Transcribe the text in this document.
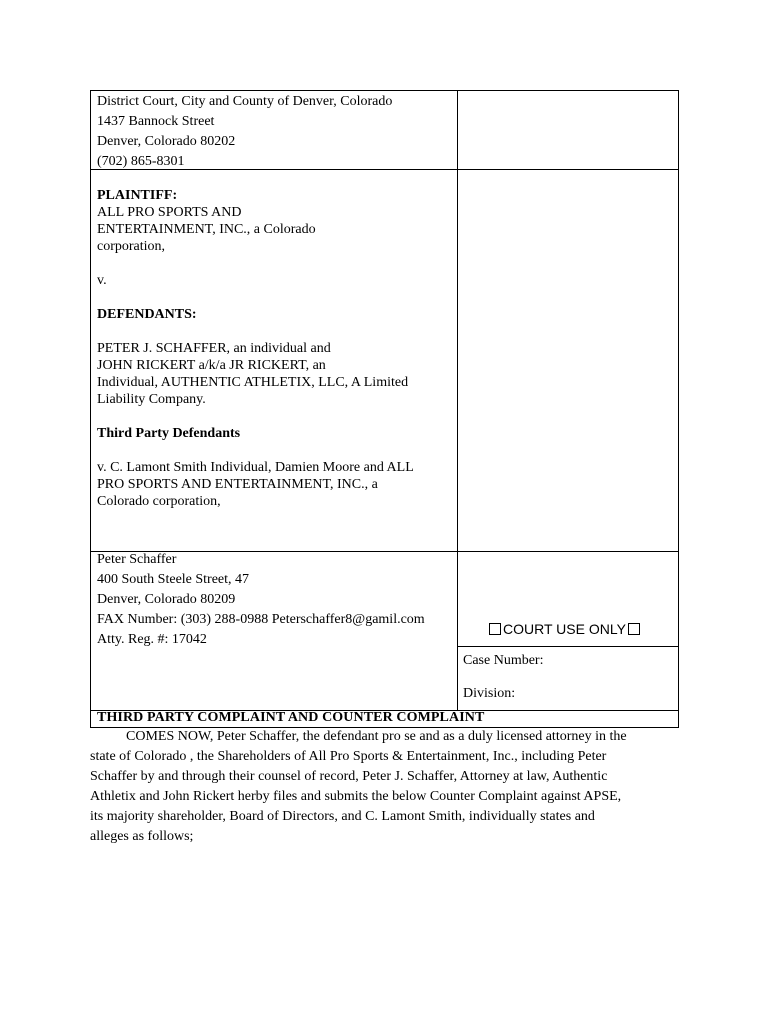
District Court, City and County of Denver, Colorado
1437 Bannock Street
Denver, Colorado 80202
(702) 865-8301
PLAINTIFF:
ALL PRO SPORTS AND
ENTERTAINMENT, INC., a Colorado
corporation,
v.
DEFENDANTS:
PETER J. SCHAFFER, an individual and
JOHN RICKERT a/k/a JR RICKERT, an
Individual, AUTHENTIC ATHLETIX, LLC, A Limited
Liability Company.
Third Party Defendants
v. C. Lamont Smith Individual, Damien Moore and ALL
PRO SPORTS AND ENTERTAINMENT, INC., a
Colorado corporation,
Peter Schaffer
400 South Steele Street, 47
Denver, Colorado 80209
FAX Number: (303) 288-0988 Peterschaffer8@gamil.com
Atty. Reg. #: 17042
COURT USE ONLY
Case Number:
Division:
THIRD PARTY COMPLAINT AND COUNTER COMPLAINT
COMES NOW, Peter Schaffer, the defendant pro se and as a duly licensed attorney in the
state of Colorado , the Shareholders of All Pro Sports & Entertainment, Inc., including Peter
Schaffer by and through their counsel of record, Peter J. Schaffer, Attorney at law, Authentic
Athletix and John Rickert herby files and submits the below Counter Complaint against APSE,
its majority shareholder, Board of Directors, and C. Lamont Smith, individually states and
alleges as follows;
